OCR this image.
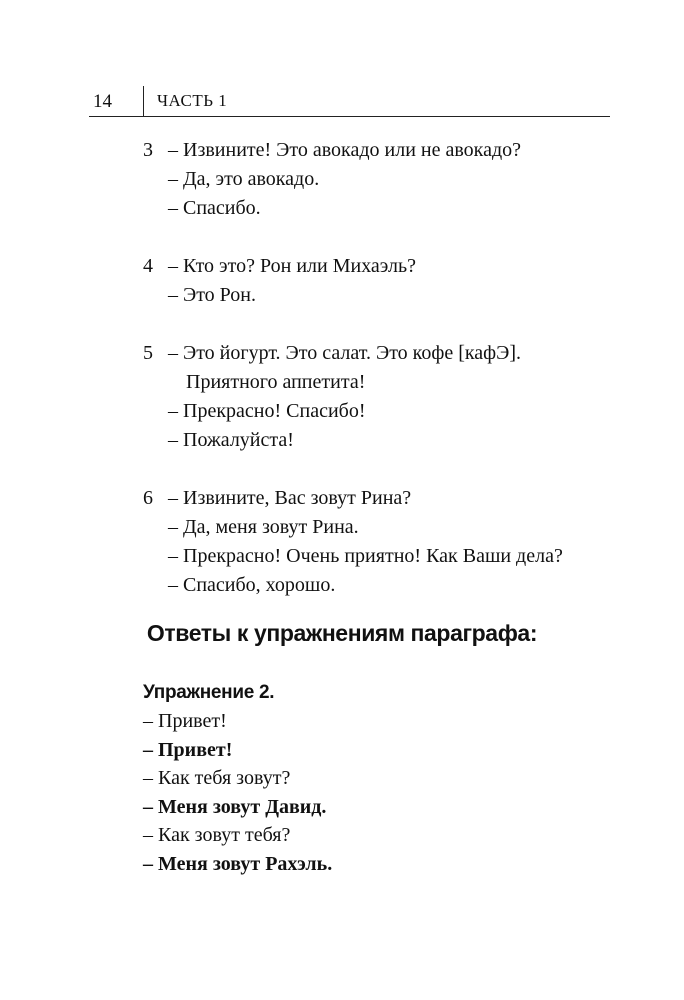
14	ЧАСТЬ 1
3 – Извините! Это авокадо или не авокадо?
– Да, это авокадо.
– Спасибо.
4 – Кто это? Рон или Михаэль?
– Это Рон.
5 – Это йогурт. Это салат. Это кофе [кафЭ].
Приятного аппетита!
– Прекрасно! Спасибо!
– Пожалуйста!
6 – Извините, Вас зовут Рина?
– Да, меня зовут Рина.
– Прекрасно! Очень приятно! Как Ваши дела?
– Спасибо, хорошо.
Ответы к упражнениям параграфа:
Упражнение 2.
– Привет!
– Привет!
– Как тебя зовут?
– Меня зовут Давид.
– Как зовут тебя?
– Меня зовут Рахэль.
